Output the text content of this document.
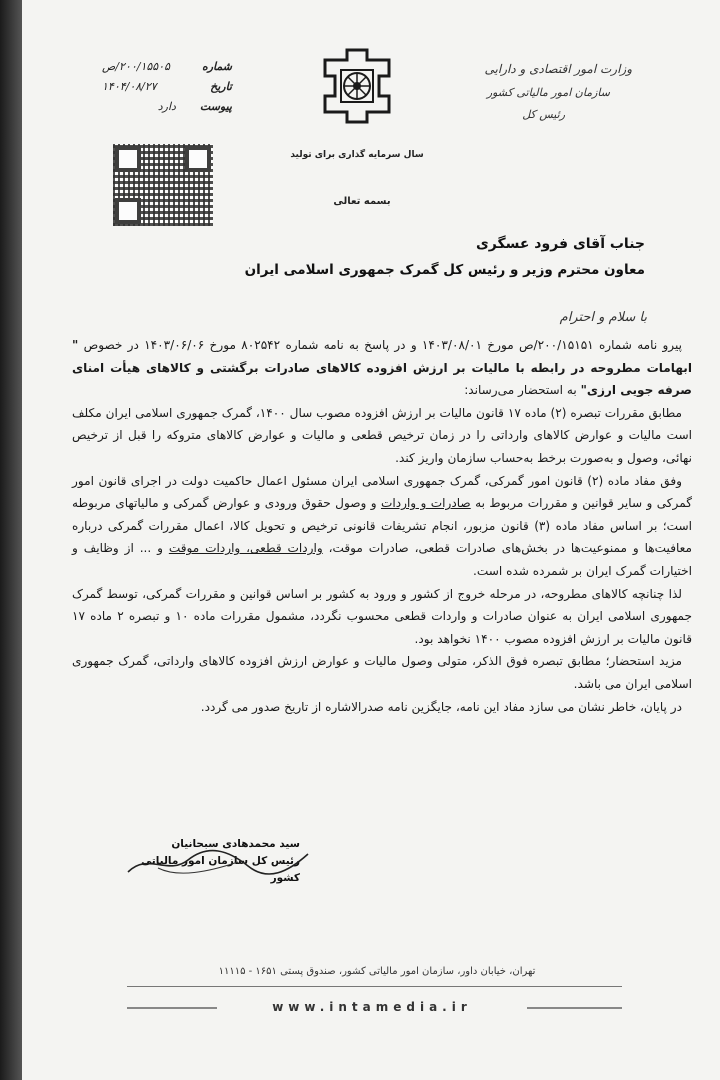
وزارت امور اقتصادی و دارایی
سازمان امور مالیاتی کشور
رئیس کل
سال سرمایه گذاری برای تولید
بسمه تعالی
شماره
۲۰۰/۱۵۵۰۵/ص
تاریخ
۱۴۰۴/۰۸/۲۷
پیوست
دارد
جناب آقای فرود عسگری
معاون محترم وزیر و رئیس کل گمرک جمهوری اسلامی ایران
با سلام و احترام

پیرو نامه شماره ۲۰۰/۱۵۱۵۱/ص مورخ ۱۴۰۳/۰۸/۰۱ و در پاسخ به نامه شماره ۸۰۲۵۴۲ مورخ ۱۴۰۳/۰۶/۰۶ در خصوص " ابهامات مطروحه در رابطه با مالیات بر ارزش افزوده کالاهای صادرات برگشتی و کالاهای هیأت امنای صرفه جویی ارزی" به استحضار می‌رساند:

مطابق مقررات تبصره (۲) ماده ۱۷ قانون مالیات بر ارزش افزوده مصوب سال ۱۴۰۰، گمرک جمهوری اسلامی ایران مکلف است مالیات و عوارض کالاهای وارداتی را در زمان ترخیص قطعی و مالیات و عوارض کالاهای متروکه را قبل از ترخیص نهائی، وصول و به‌صورت برخط به‌حساب سازمان واریز کند.

وفق مفاد ماده (۲) قانون امور گمرکی، گمرک جمهوری اسلامی ایران مسئول اعمال حاکمیت دولت در اجرای قانون امور گمرکی و سایر قوانین و مقررات مربوط به صادرات و واردات و وصول حقوق ورودی و عوارض گمرکی و مالیاتهای مربوطه است؛ بر اساس مفاد ماده (۳) قانون مزبور، انجام تشریفات قانونی ترخیص و تحویل کالا، اعمال مقررات گمرکی درباره معافیت‌ها و ممنوعیت‌ها در بخش‌های صادرات قطعی، صادرات موقت، واردات قطعی، واردات موقت و ... از وظایف و اختیارات گمرک ایران بر شمرده شده است.

لذا چنانچه کالاهای مطروحه، در مرحله خروج از کشور و ورود به کشور بر اساس قوانین و مقررات گمرکی، توسط گمرک جمهوری اسلامی ایران به عنوان صادرات و واردات قطعی محسوب نگردد، مشمول مقررات ماده ۱۰ و تبصره ۲ ماده ۱۷ قانون مالیات بر ارزش افزوده مصوب ۱۴۰۰ نخواهد بود.

مزید استحضار؛ مطابق تبصره فوق الذکر، متولی وصول مالیات و عوارض ارزش افزوده کالاهای وارداتی، گمرک جمهوری اسلامی ایران می باشد.

در پایان، خاطر نشان می سازد مفاد این نامه، جایگزین نامه صدرالاشاره از تاریخ صدور می گردد.

سید محمدهادی سبحانیان
رئیس کل سازمان امور مالیاتی کشور
تهران، خیابان داور، سازمان امور مالیاتی کشور، صندوق پستی ۱۶۵۱ - ۱۱۱۱۵
www.intamedia.ir
